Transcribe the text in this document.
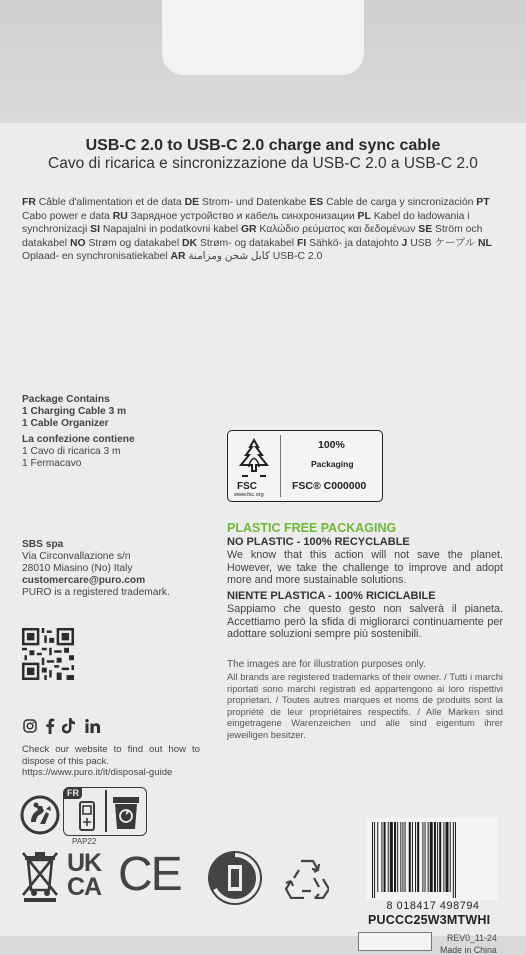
USB-C 2.0 to USB-C 2.0 charge and sync cable
Cavo di ricarica e sincronizzazione da USB-C 2.0 a USB-C 2.0
FR Câble d'alimentation et de data DE Strom- und Datenkabe ES Cable de carga y sincronización PT Cabo power e data RU Зарядное устройство и кабель синхронизации PL Kabel do ładowania i synchronizacji SI Napajalni in podatkovni kabel GR Καλώδιο ρεύματος και δεδομένων SE Ström och datakabel NO Strøm og datakabel DK Strøm- og datakabel FI Sähkö- ja datajohto J USB ケーブル NL Oplaad- en synchronisatiekabel AR كابل شحن ومزامنة USB-C 2.0
Package Contains
1 Charging Cable 3 m
1 Cable Organizer
La confezione contiene
1 Cavo di ricarica 3 m
1 Fermacavo
SBS spa
Via Circonvallazione s/n
28010 Miasino (No) Italy
customercare@puro.com
PURO is a registered trademark.
Check our website to find out how to dispose of this pack.
https://www.puro.it/it/disposal-guide
FR
PAP22
UK
CA CE
FSC
www.fsc.org
100%
Packaging
FSC® C000000
PLASTIC FREE PACKAGING
NO PLASTIC - 100% RECYCLABLE
We know that this action will not save the planet. However, we take the challenge to improve and adopt more and more sustainable solutions.
NIENTE PLASTICA - 100% RICICLABILE
Sappiamo che questo gesto non salverà il pianeta. Accettiamo però la sfida di migliorarci continuamente per adottare soluzioni sempre più sostenibili.
The images are for illustration purposes only.
All brands are registered trademarks of their owner. / Tutti i marchi riportati sono marchi registrati ed appartengono ai loro rispettivi proprietari. / Toutes autres marques et noms de produits sont la propriété de leur propriétaires respectifs. / Alle Marken sind eingetragene Warenzeichen und alle sind eigentum ihrer jeweiligen besitzer.
8 018417 498794
PUCCC25W3MTWHI
REV0_11-24
Made in China
